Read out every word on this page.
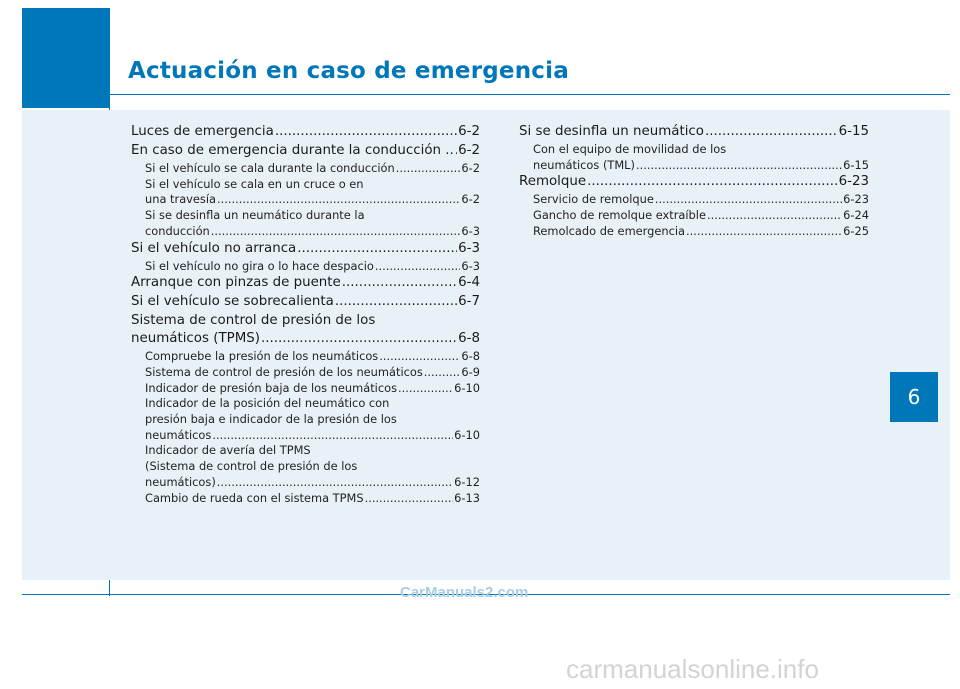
Actuación en caso de emergencia
6
Luces de emergencia .....	6-2
En caso de emergencia durante la conducción .. ..... 6-2
Si el vehículo se cala durante la conducción .....	6-2
Si el vehículo se cala en un cruce o en
una travesía .....	6-2
Si se desinfla un neumático durante la
conducción .....	6-3
Si el vehículo no arranca .....	6-3
Si el vehículo no gira o lo hace despacio .....	6-3
Arranque con pinzas de puente .....	6-4
Si el vehículo se sobrecalienta .....	6-7
Sistema de control de presión de los
neumáticos (TPMS) .....	6-8
Compruebe la presión de los neumáticos .....	6-8
Sistema de control de presión de los neumáticos .....	6-9
Indicador de presión baja de los neumáticos .....	6-10
Indicador de la posición del neumático con
presión baja e indicador de la presión de los
neumáticos .....	6-10
Indicador de avería del TPMS
(Sistema de control de presión de los
neumáticos) .....	6-12
Cambio de rueda con el sistema TPMS .....	6-13
Si se desinfla un neumático .....	6-15
Con el equipo de movilidad de los
neumáticos (TML) .....	6-15
Remolque .....	6-23
Servicio de remolque .....	6-23
Gancho de remolque extraíble .....	6-24
Remolcado de emergencia .....	6-25
CarManuals2.com
carmanualsonline.info
